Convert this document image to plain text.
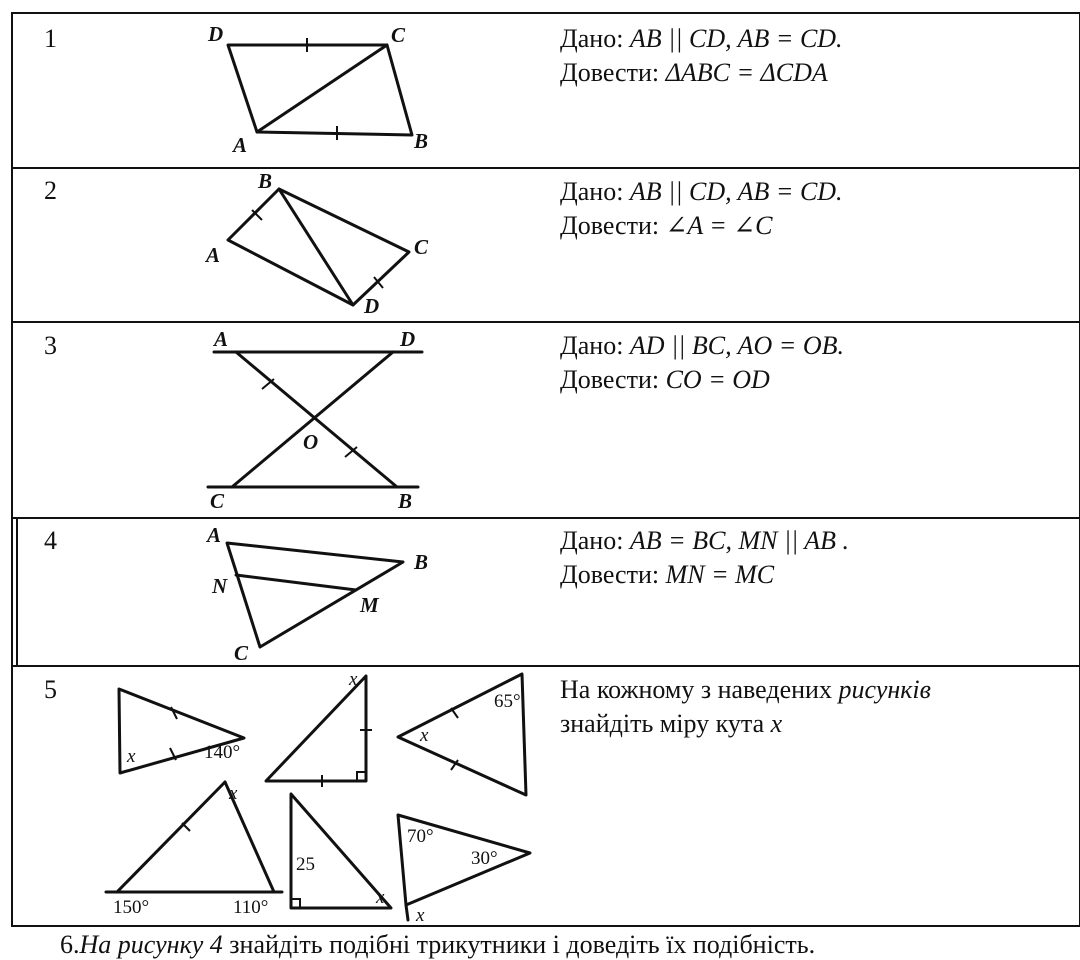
D	C
A	B
B
A	C
D
A	D
O
C	B
A
B
N
M
C
x	140°
x
x
65°
x
150°	110°
25
x
70°
30°
x
1	Дано: AB || CD, AB = CD.
Довести: ΔABC = ΔCDA
2	Дано: AB || CD, AB = CD.
Довести: ∠A = ∠C
3	Дано: AD || BC, AO = OB.
Довести: CO = OD
4	Дано: AB = BC, MN || AB .
Довести: MN = MC
5	На кожному з наведених рисунків
знайдіть міру кута x
6.На рисунку 4 знайдіть подібні трикутники і доведіть їх подібність.
